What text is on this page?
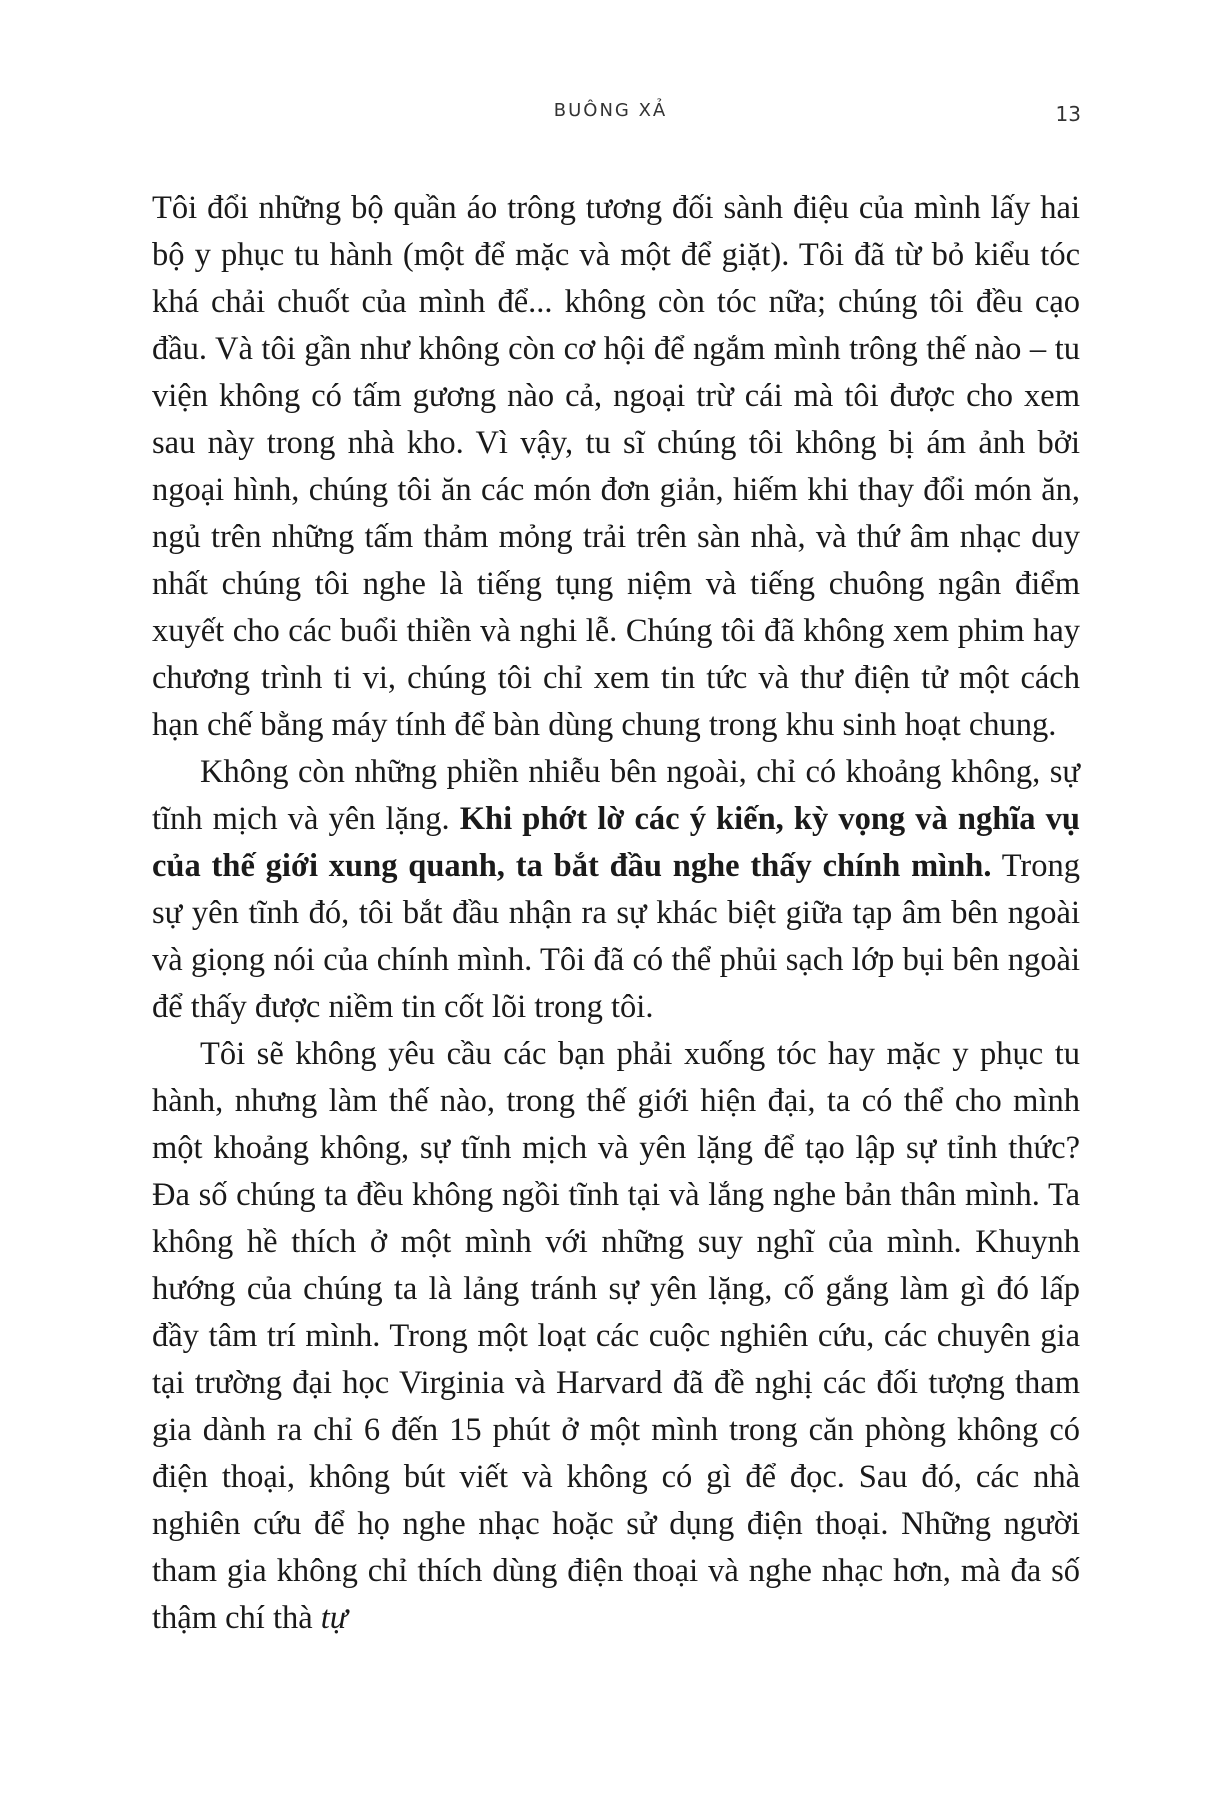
BUÔNG XẢ	13

Tôi đổi những bộ quần áo trông tương đối sành điệu của mình lấy hai bộ y phục tu hành (một để mặc và một để giặt). Tôi đã từ bỏ kiểu tóc khá chải chuốt của mình để... không còn tóc nữa; chúng tôi đều cạo đầu. Và tôi gần như không còn cơ hội để ngắm mình trông thế nào – tu viện không có tấm gương nào cả, ngoại trừ cái mà tôi được cho xem sau này trong nhà kho. Vì vậy, tu sĩ chúng tôi không bị ám ảnh bởi ngoại hình, chúng tôi ăn các món đơn giản, hiếm khi thay đổi món ăn, ngủ trên những tấm thảm mỏng trải trên sàn nhà, và thứ âm nhạc duy nhất chúng tôi nghe là tiếng tụng niệm và tiếng chuông ngân điểm xuyết cho các buổi thiền và nghi lễ. Chúng tôi đã không xem phim hay chương trình ti vi, chúng tôi chỉ xem tin tức và thư điện tử một cách hạn chế bằng máy tính để bàn dùng chung trong khu sinh hoạt chung.

Không còn những phiền nhiễu bên ngoài, chỉ có khoảng không, sự tĩnh mịch và yên lặng. Khi phớt lờ các ý kiến, kỳ vọng và nghĩa vụ của thế giới xung quanh, ta bắt đầu nghe thấy chính mình. Trong sự yên tĩnh đó, tôi bắt đầu nhận ra sự khác biệt giữa tạp âm bên ngoài và giọng nói của chính mình. Tôi đã có thể phủi sạch lớp bụi bên ngoài để thấy được niềm tin cốt lõi trong tôi.

Tôi sẽ không yêu cầu các bạn phải xuống tóc hay mặc y phục tu hành, nhưng làm thế nào, trong thế giới hiện đại, ta có thể cho mình một khoảng không, sự tĩnh mịch và yên lặng để tạo lập sự tỉnh thức? Đa số chúng ta đều không ngồi tĩnh tại và lắng nghe bản thân mình. Ta không hề thích ở một mình với những suy nghĩ của mình. Khuynh hướng của chúng ta là lảng tránh sự yên lặng, cố gắng làm gì đó lấp đầy tâm trí mình. Trong một loạt các cuộc nghiên cứu, các chuyên gia tại trường đại học Virginia và Harvard đã đề nghị các đối tượng tham gia dành ra chỉ 6 đến 15 phút ở một mình trong căn phòng không có điện thoại, không bút viết và không có gì để đọc. Sau đó, các nhà nghiên cứu để họ nghe nhạc hoặc sử dụng điện thoại. Những người tham gia không chỉ thích dùng điện thoại và nghe nhạc hơn, mà đa số thậm chí thà tự
